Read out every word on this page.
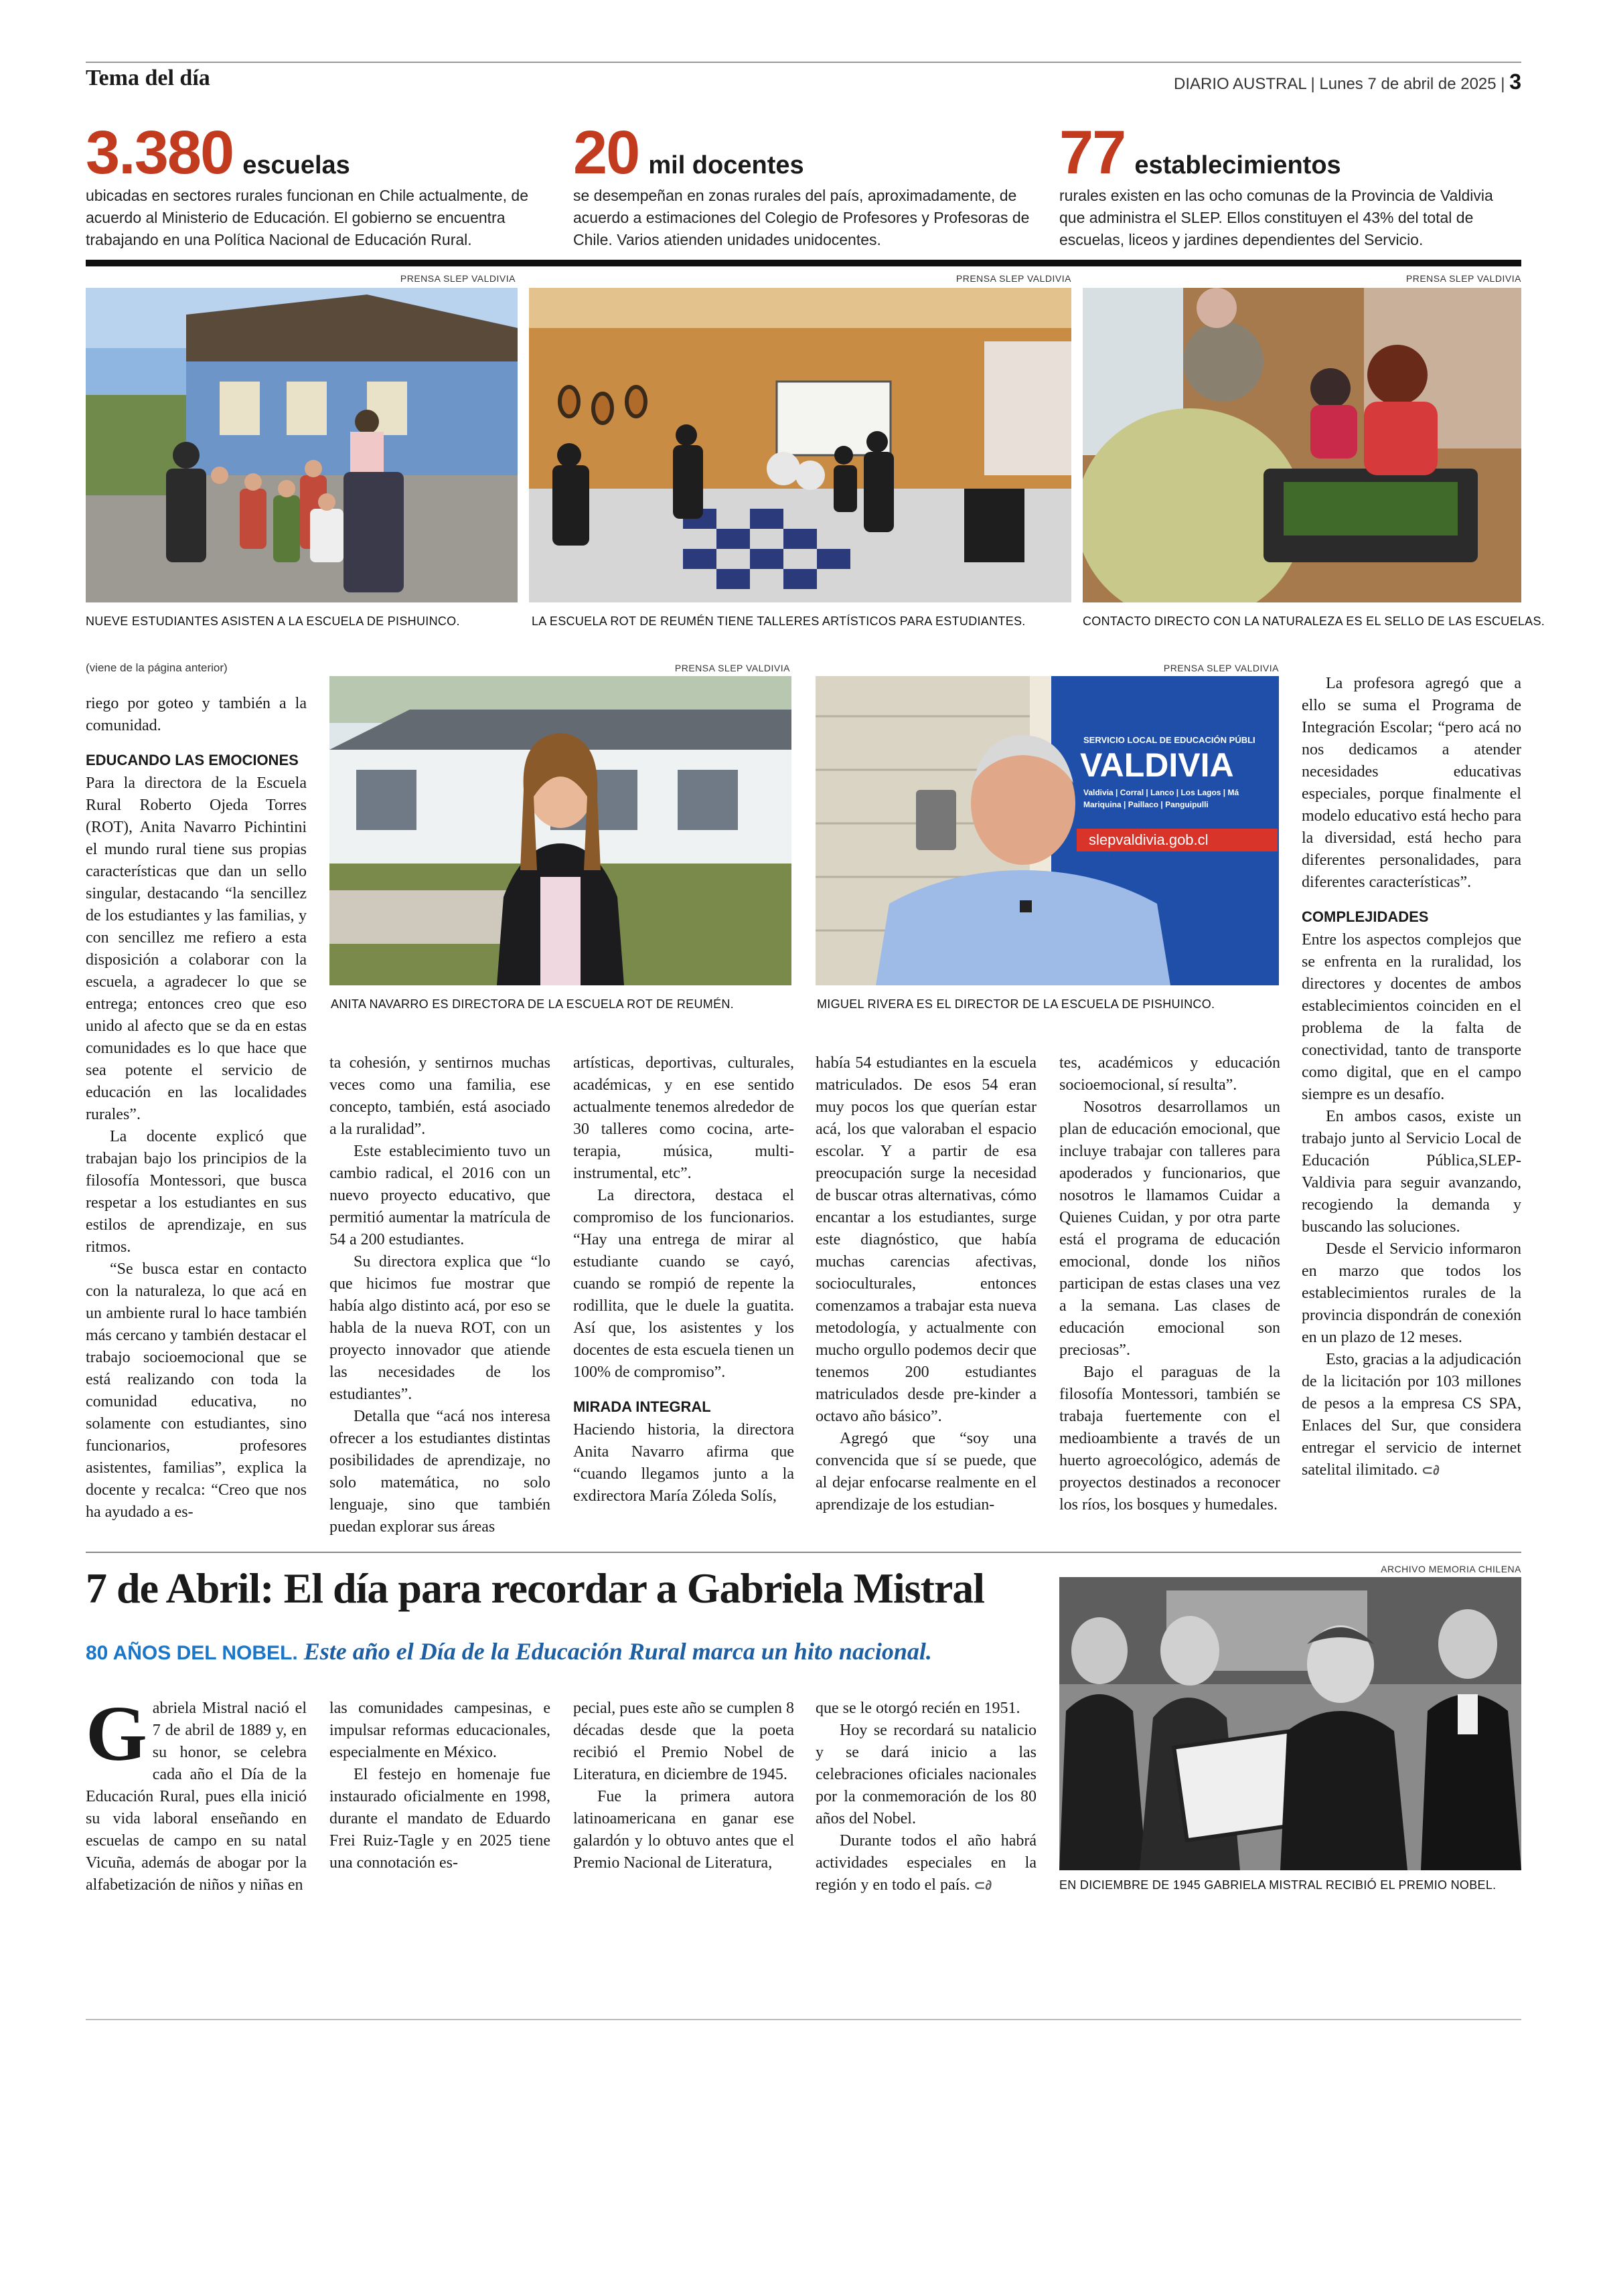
Tema del día	DIARIO AUSTRAL | Lunes 7 de abril de 2025 | 3
3.380 escuelas
ubicadas en sectores rurales funcionan en Chile actualmente, de acuerdo al Ministerio de Educación. El gobierno se encuentra trabajando en una Política Nacional de Educación Rural.
20 mil docentes
se desempeñan en zonas rurales del país, aproximadamente, de acuerdo a estimaciones del Colegio de Profesores y Profesoras de Chile. Varios atienden unidades unidocentes.
77 establecimientos
rurales existen en las ocho comunas de la Provincia de Valdivia que administra el SLEP. Ellos constituyen el 43% del total de escuelas, liceos y jardines dependientes del Servicio.
PRENSA SLEP VALDIVIA
NUEVE ESTUDIANTES ASISTEN A LA ESCUELA DE PISHUINCO.
PRENSA SLEP VALDIVIA
LA ESCUELA ROT DE REUMÉN TIENE TALLERES ARTÍSTICOS PARA ESTUDIANTES.
PRENSA SLEP VALDIVIA
CONTACTO DIRECTO CON LA NATURALEZA ES EL SELLO DE LAS ESCUELAS.
(viene de la página anterior)

riego por goteo y también a la comunidad.

EDUCANDO LAS EMOCIONES

Para la directora de la Escuela Rural Roberto Ojeda Torres (ROT), Anita Navarro Pichintini el mundo rural tiene sus propias características que dan un sello singular, destacando “la sencillez de los estudiantes y las familias, y con sencillez me refiero a esta disposición a colaborar con la escuela, a agradecer lo que se entrega; entonces creo que eso unido al afecto que se da en estas comunidades es lo que hace que sea potente el servicio de educación en las localidades rurales”.

La docente explicó que trabajan bajo los principios de la filosofía Montessori, que busca respetar a los estudiantes en sus estilos de aprendizaje, en sus ritmos.

“Se busca estar en contacto con la naturaleza, lo que acá en un ambiente rural lo hace también más cercano y también destacar el trabajo socioemocional que se está realizando con toda la comunidad educativa, no solamente con estudiantes, sino funcionarios, profesores asistentes, familias”, explica la docente y recalca: “Creo que nos ha ayudado a es-

PRENSA SLEP VALDIVIA
ANITA NAVARRO ES DIRECTORA DE LA ESCUELA ROT DE REUMÉN.
PRENSA SLEP VALDIVIA
SERVICIO LOCAL DE EDUCACIÓN PÚBLI
VALDIVIA
Valdivia | Corral | Lanco | Los Lagos | Má
Mariquina | Paillaco | Panguipulli
slepvaldivia.gob.cl
MIGUEL RIVERA ES EL DIRECTOR DE LA ESCUELA DE PISHUINCO.

ta cohesión, y sentirnos muchas veces como una familia, ese concepto, también, está asociado a la ruralidad”.

Este establecimiento tuvo un cambio radical, el 2016 con un nuevo proyecto educativo, que permitió aumentar la matrícula de 54 a 200 estudiantes.

Su directora explica que “lo que hicimos fue mostrar que había algo distinto acá, por eso se habla de la nueva ROT, con un proyecto innovador que atiende las necesidades de los estudiantes”.

Detalla que “acá nos interesa ofrecer a los estudiantes distintas posibilidades de aprendizaje, no solo matemática, no solo lenguaje, sino que también puedan explorar sus áreas

artísticas, deportivas, culturales, académicas, y en ese sentido actualmente tenemos alrededor de 30 talleres como cocina, arte-terapia, música, multi-instrumental, etc”.

La directora, destaca el compromiso de los funcionarios. “Hay una entrega de mirar al estudiante cuando se cayó, cuando se rompió de repente la rodillita, que le duele la guatita. Así que, los asistentes y los docentes de esta escuela tienen un 100% de compromiso”.

MIRADA INTEGRAL

Haciendo historia, la directora Anita Navarro afirma que “cuando llegamos junto a la exdirectora María Zóleda Solís,

había 54 estudiantes en la escuela matriculados. De esos 54 eran muy pocos los que querían estar acá, los que valoraban el espacio escolar. Y a partir de esa preocupación surge la necesidad de buscar otras alternativas, cómo encantar a los estudiantes, surge este diagnóstico, que había muchas carencias afectivas, socioculturales, entonces comenzamos a trabajar esta nueva metodología, y actualmente con mucho orgullo podemos decir que tenemos 200 estudiantes matriculados desde pre-kinder a octavo año básico”.

Agregó que “soy una convencida que sí se puede, que al dejar enfocarse realmente en el aprendizaje de los estudian-

tes, académicos y educación socioemocional, sí resulta”.

Nosotros desarrollamos un plan de educación emocional, que incluye trabajar con talleres para apoderados y funcionarios, que nosotros le llamamos Cuidar a Quienes Cuidan, y por otra parte está el programa de educación emocional, donde los niños participan de estas clases una vez a la semana. Las clases de educación emocional son preciosas”.

Bajo el paraguas de la filosofía Montessori, también se trabaja fuertemente con el medioambiente a través de un huerto agroecológico, además de proyectos destinados a reconocer los ríos, los bosques y humedales.

La profesora agregó que a ello se suma el Programa de Integración Escolar; “pero acá no nos dedicamos a atender necesidades educativas especiales, porque finalmente el modelo educativo está hecho para la diversidad, está hecho para diferentes personalidades, para diferentes características”.

COMPLEJIDADES

Entre los aspectos complejos que se enfrenta en la ruralidad, los directores y docentes de ambos establecimientos coinciden en el problema de la falta de conectividad, tanto de transporte como digital, que en el campo siempre es un desafío.

En ambos casos, existe un trabajo junto al Servicio Local de Educación Pública,SLEP-Valdivia para seguir avanzando, recogiendo la demanda y buscando las soluciones.

Desde el Servicio informaron en marzo que todos los establecimientos rurales de la provincia dispondrán de conexión en un plazo de 12 meses.

Esto, gracias a la adjudicación de la licitación por 103 millones de pesos a la empresa CS SPA, Enlaces del Sur, que considera entregar el servicio de internet satelital ilimitado. ⊂∂

7 de Abril: El día para recordar a Gabriela Mistral
80 AÑOS DEL NOBEL. Este año el Día de la Educación Rural marca un hito nacional.
Gabriela Mistral nació el 7 de abril de 1889 y, en su honor, se celebra cada año el Día de la Educación Rural, pues ella inició su vida laboral enseñando en escuelas de campo en su natal Vicuña, además de abogar por la alfabetización de niños y niñas en

las comunidades campesinas, e impulsar reformas educacionales, especialmente en México.

El festejo en homenaje fue instaurado oficialmente en 1998, durante el mandato de Eduardo Frei Ruiz-Tagle y en 2025 tiene una connotación es-

pecial, pues este año se cumplen 8 décadas desde que la poeta recibió el Premio Nobel de Literatura, en diciembre de 1945.

Fue la primera autora latinoamericana en ganar ese galardón y lo obtuvo antes que el Premio Nacional de Literatura,

que se le otorgó recién en 1951.

Hoy se recordará su natalicio y se dará inicio a las celebraciones oficiales nacionales por la conmemoración de los 80 años del Nobel.

Durante todos el año habrá actividades especiales en la región y en todo el país. ⊂∂

ARCHIVO MEMORIA CHILENA
EN DICIEMBRE DE 1945 GABRIELA MISTRAL RECIBIÓ EL PREMIO NOBEL.
